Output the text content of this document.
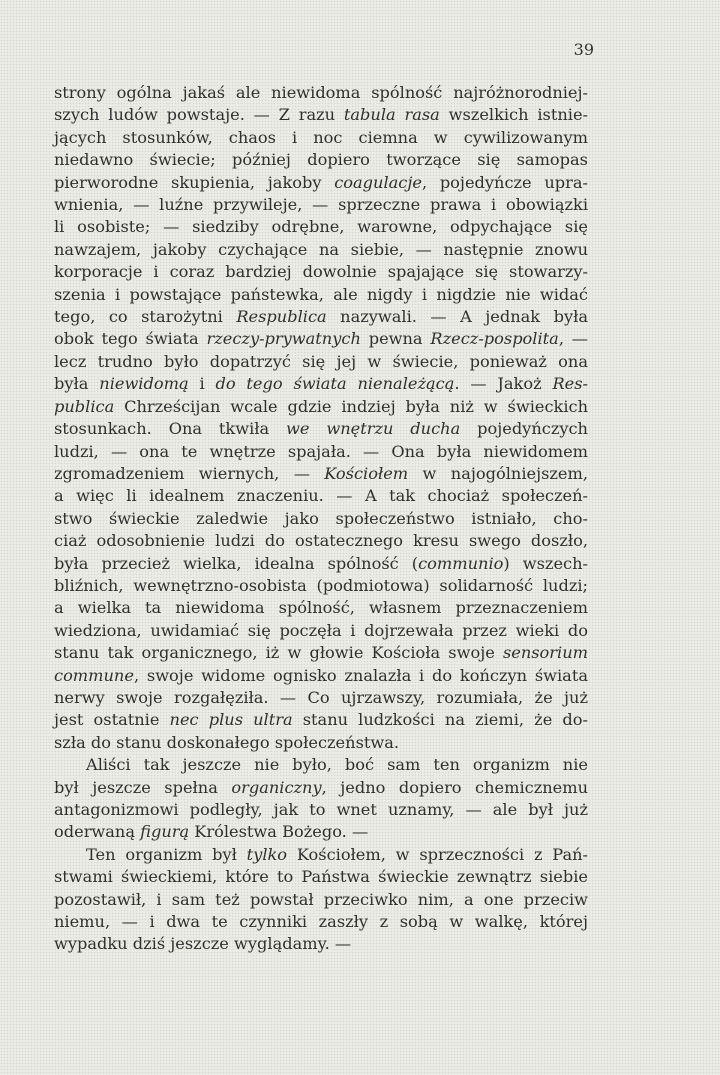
39
strony ogólna jakaś ale niewidoma spólność najróżnorodniej-
szych ludów powstaje. — Z razu tabula rasa wszelkich istnie-
jących stosunków, chaos i noc ciemna w cywilizowanym
niedawno świecie; później dopiero tworzące się samopas
pierworodne skupienia, jakoby coagulacje, pojedyńcze upra-
wnienia, — luźne przywileje, — sprzeczne prawa i obowiązki
li osobiste; — siedziby odrębne, warowne, odpychające się
nawzajem, jakoby czychające na siebie, — następnie znowu
korporacje i coraz bardziej dowolnie spajające się stowarzy-
szenia i powstające państewka, ale nigdy i nigdzie nie widać
tego, co starożytni Respublica nazywali. — A jednak była
obok tego świata rzeczy-prywatnych pewna Rzecz-pospolita, —
lecz trudno było dopatrzyć się jej w świecie, ponieważ ona
była niewidomą i do tego świata nienależącą. — Jakoż Res-
publica Chrześcijan wcale gdzie indziej była niż w świeckich
stosunkach. Ona tkwiła we wnętrzu ducha pojedyńczych
ludzi, — ona te wnętrze spajała. — Ona była niewidomem
zgromadzeniem wiernych, — Kościołem w najogólniejszem,
a więc li idealnem znaczeniu. — A tak chociaż społeczeń-
stwo świeckie zaledwie jako społeczeństwo istniało, cho-
ciaż odosobnienie ludzi do ostatecznego kresu swego doszło,
była przecież wielka, idealna spólność (communio) wszech-
bliźnich, wewnętrzno-osobista (podmiotowa) solidarność ludzi;
a wielka ta niewidoma spólność, własnem przeznaczeniem
wiedziona, uwidamiać się poczęła i dojrzewała przez wieki do
stanu tak organicznego, iż w głowie Kościoła swoje sensorium
commune, swoje widome ognisko znalazła i do kończyn świata
nerwy swoje rozgałęziła. — Co ujrzawszy, rozumiała, że już
jest ostatnie nec plus ultra stanu ludzkości na ziemi, że do-
szła do stanu doskonałego społeczeństwa.
Aliści tak jeszcze nie było, boć sam ten organizm nie
był jeszcze spełna organiczny, jedno dopiero chemicznemu
antagonizmowi podległy, jak to wnet uznamy, — ale był już
oderwaną figurą Królestwa Bożego. —
Ten organizm był tylko Kościołem, w sprzeczności z Pań-
stwami świeckiemi, które to Państwa świeckie zewnątrz siebie
pozostawił, i sam też powstał przeciwko nim, a one przeciw
niemu, — i dwa te czynniki zaszły z sobą w walkę, której
wypadku dziś jeszcze wyglądamy. —
